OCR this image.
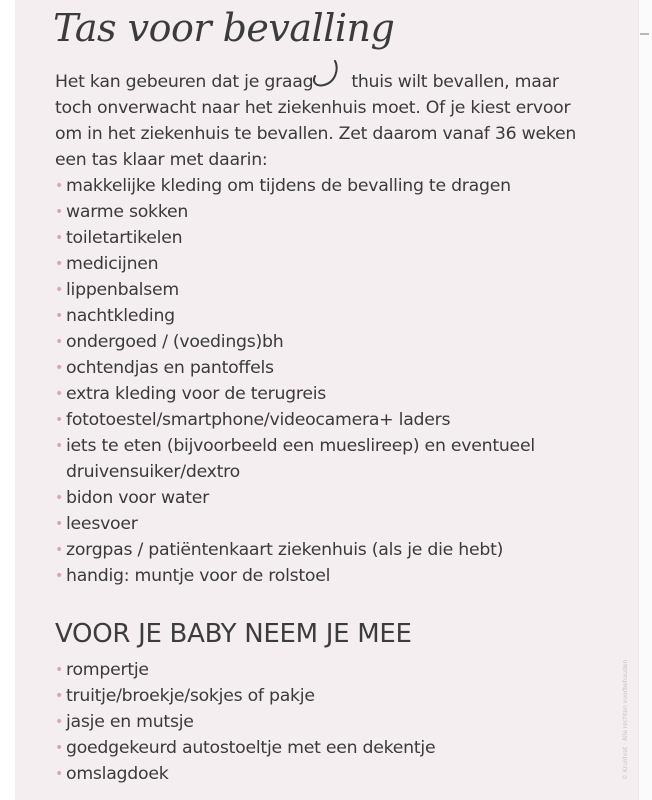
Tas voor bevalling

Het kan gebeuren dat je graag thuis wilt bevallen, maar toch onverwacht naar het ziekenhuis moet. Of je kiest ervoor om in het ziekenhuis te bevallen. Zet daarom vanaf 36 weken een tas klaar met daarin:

• makkelijke kleding om tijdens de bevalling te dragen
• warme sokken
• toiletartikelen
• medicijnen
• lippenbalsem
• nachtkleding
• ondergoed / (voedings)bh
• ochtendjas en pantoffels
• extra kleding voor de terugreis
• fototoestel/smartphone/videocamera+ laders
• iets te eten (bijvoorbeeld een mueslireep) en eventueel druivensuiker/dextro
• bidon voor water
• leesvoer
• zorgpas / patiëntenkaart ziekenhuis (als je die hebt)
• handig: muntje voor de rolstoel
VOOR JE BABY NEEM JE MEE
• rompertje
• truitje/broekje/sokjes of pakje
• jasje en mutsje
• goedgekeurd autostoeltje met een dekentje
• omslagdoek	© Kruidvat · Alle rechten voorbehouden
